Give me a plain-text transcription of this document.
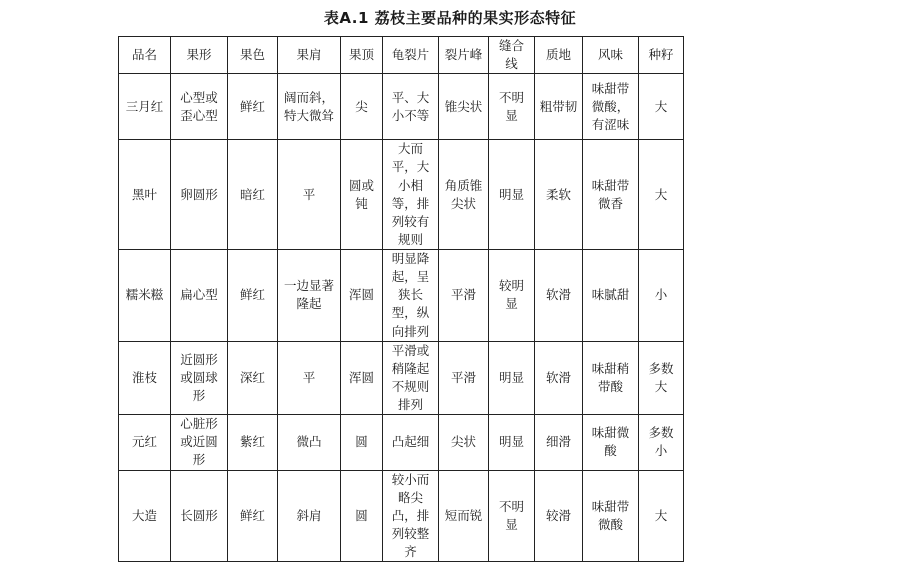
表A.1 荔枝主要品种的果实形态特征
品名	果形	果色	果肩	果顶	龟裂片	裂片峰	缝合线	质地	风味	种籽
三月红	心型或歪心型	鲜红	阔而斜，特大微耸	尖	平、大小不等	锥尖状	不明显	粗带韧	味甜带微酸，有涩味	大
黑叶	卵圆形	暗红	平	圆或钝	大而平，大小相等，排列较有规则	角质锥尖状	明显	柔软	味甜带微香	大
糯米糍	扁心型	鲜红	一边显著隆起	浑圆	明显降起，呈狭长型，纵向排列	平滑	较明显	软滑	味腻甜	小
淮枝	近圆形或圆球形	深红	平	浑圆	平滑或稍隆起不规则排列	平滑	明显	软滑	味甜稍带酸	多数大
元红	心脏形或近圆形	紫红	微凸	圆	凸起细	尖状	明显	细滑	味甜微酸	多数小
大造	长圆形	鲜红	斜肩	圆	较小而略尖凸，排列较整齐	短而锐	不明显	较滑	味甜带微酸	大
